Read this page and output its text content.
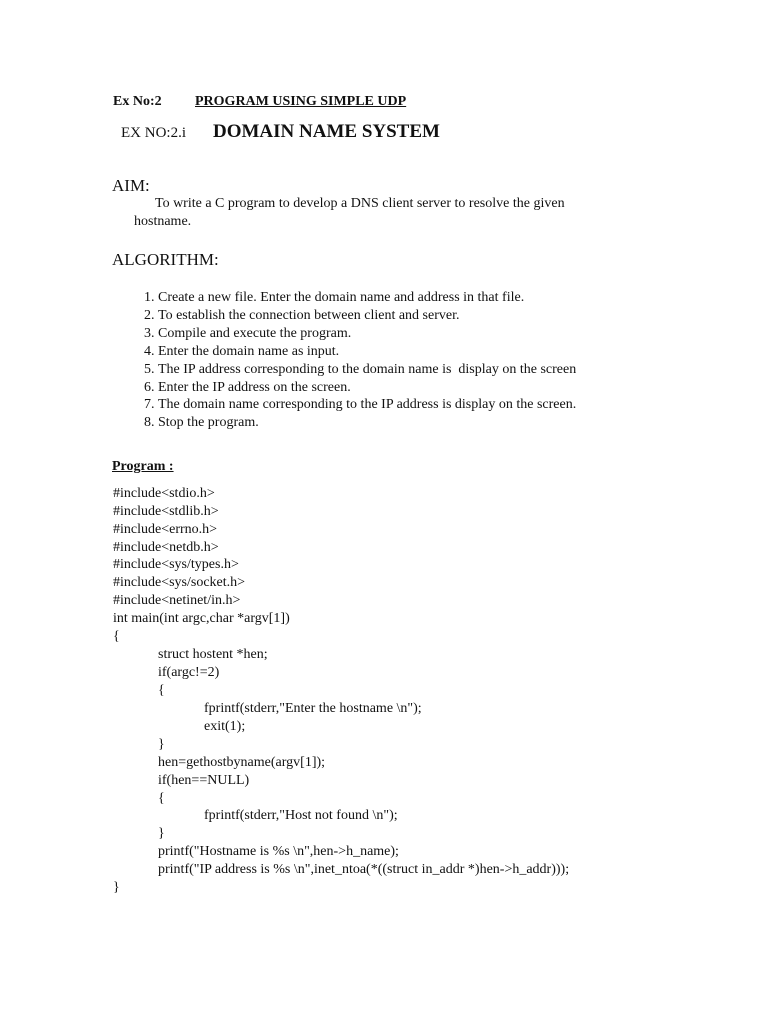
Ex No:2 PROGRAM USING SIMPLE UDP
EX NO:2.i DOMAIN NAME SYSTEM
AIM:
To write a C program to develop a DNS client server to resolve the given
hostname.
ALGORITHM:
1. Create a new file. Enter the domain name and address in that file.
2. To establish the connection between client and server.
3. Compile and execute the program.
4. Enter the domain name as input.
5. The IP address corresponding to the domain name is  display on the screen
6. Enter the IP address on the screen.
7. The domain name corresponding to the IP address is display on the screen.
8. Stop the program.
Program :
#include<stdio.h>
#include<stdlib.h>
#include<errno.h>
#include<netdb.h>
#include<sys/types.h>
#include<sys/socket.h>
#include<netinet/in.h>
int main(int argc,char *argv[1])
{
struct hostent *hen;
if(argc!=2)
{
fprintf(stderr,"Enter the hostname \n");
exit(1);
}
hen=gethostbyname(argv[1]);
if(hen==NULL)
{
fprintf(stderr,"Host not found \n");
}
printf("Hostname is %s \n",hen->h_name);
printf("IP address is %s \n",inet_ntoa(*((struct in_addr *)hen->h_addr)));
}
